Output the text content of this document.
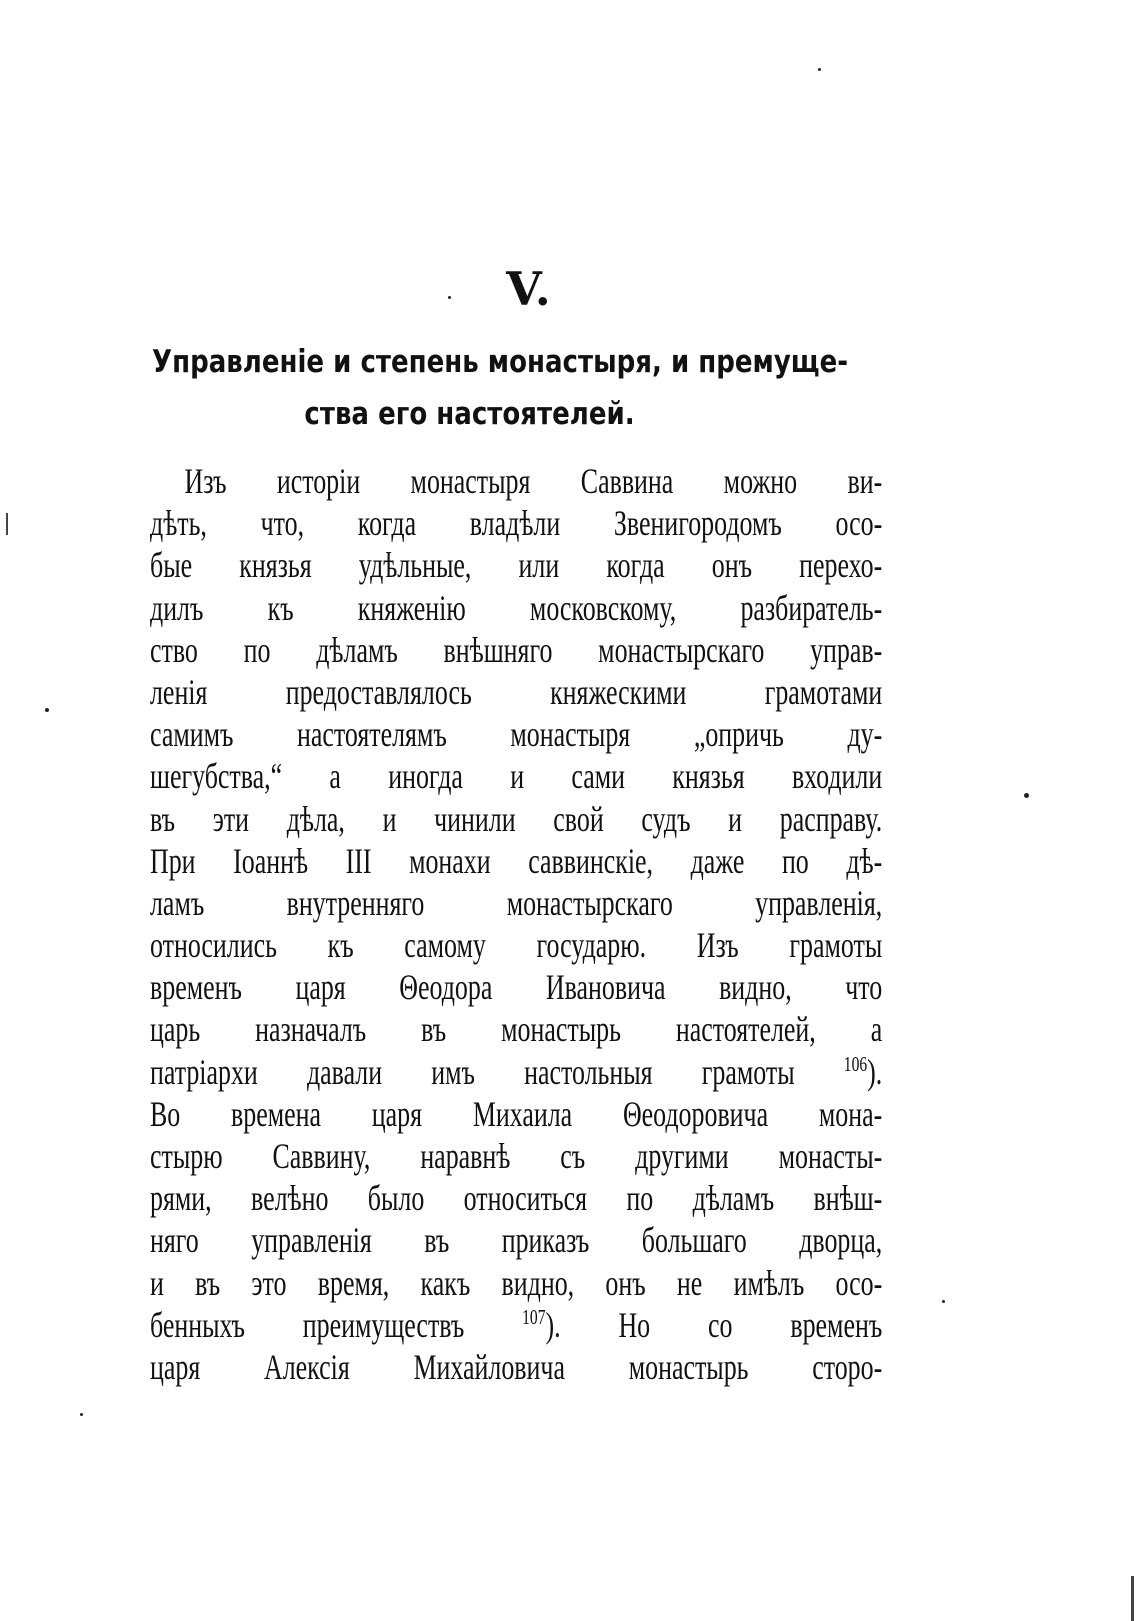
V.
Управленіе и степень монастыря, и премуще-
ства его настоятелей.
Изъ исторіи монастыря Саввина можно ви-
дѣть, что, когда владѣли Звенигородомъ осо-
быe князья удѣльные, или когда онъ перехо-
дилъ къ княженію московскому, разбиратель-
ство по дѣламъ внѣшняго монастырскаго управ-
ленія предоставлялось княжескими грамотами
самимъ настоятелямъ монастыря „опричь ду-
шегубства,“ а иногда и сами князья входили
въ эти дѣла, и чинили свой судъ и расправу.
При Іоаннѣ III монахи саввинскіе, даже по дѣ-
ламъ внутренняго монастырскаго управленія,
относились къ самому государю. Изъ грамоты
временъ царя Θеодора Ивановича видно, что
царь назначалъ въ монастырь настоятелей, а
патріархи давали имъ настольныя грамоты $^{106}$).
Во времена царя Михаила Θеодоровича мона-
стырю Саввину, наравнѣ съ другими монасты-
рями, велѣно было относиться по дѣламъ внѣш-
няго управленія въ приказъ большаго дворца,
и въ это время, какъ видно, онъ не имѣлъ осо-
бенныхъ преимуществъ	$^{107}$). Но со временъ
царя Алексія Михайловича монастырь сторо-
